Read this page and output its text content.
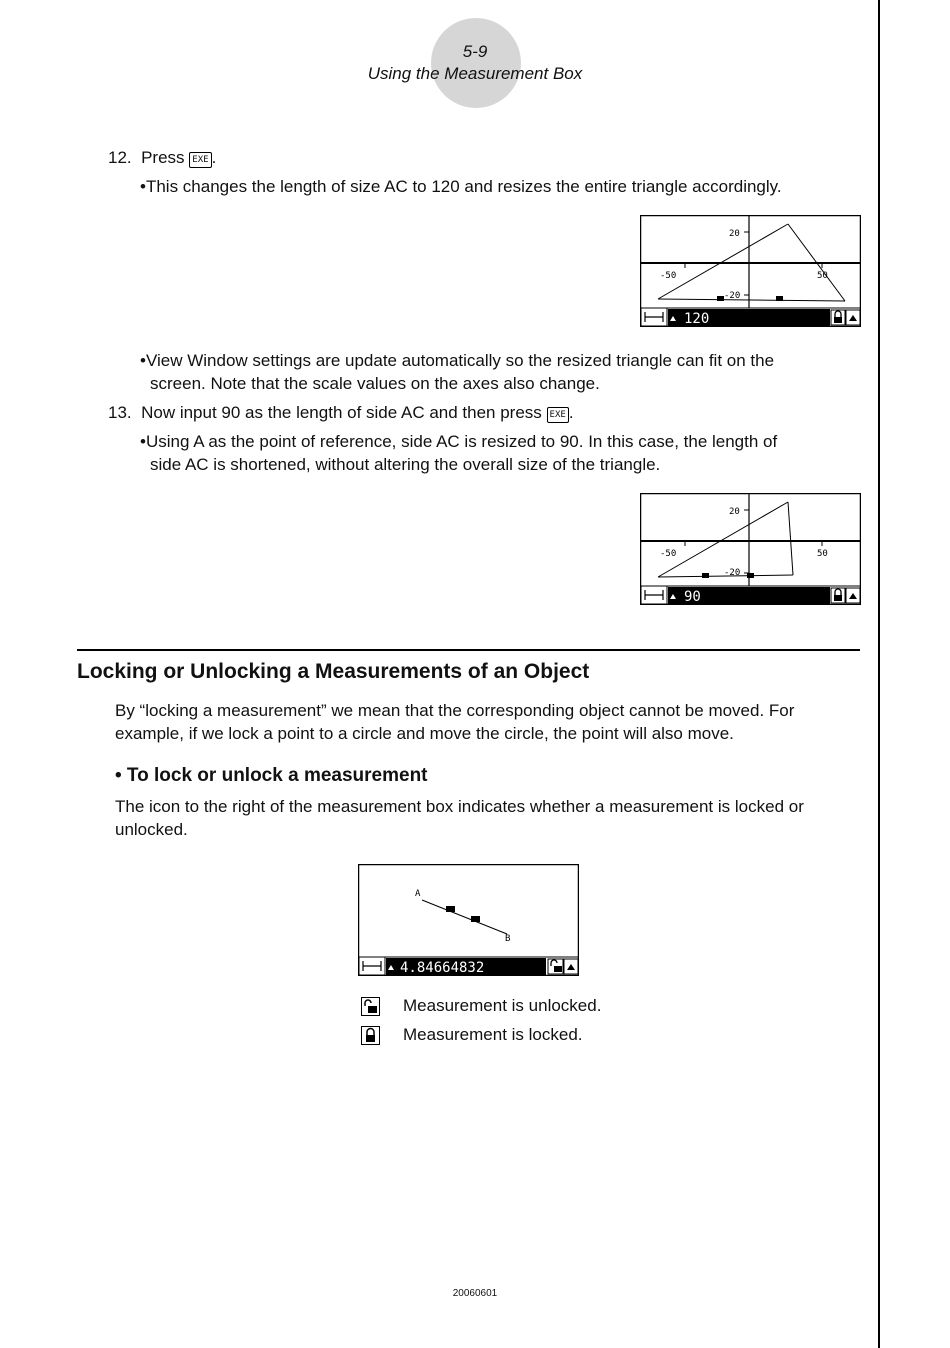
5-9
Using the Measurement Box
12. Press EXE .
•This changes the length of size AC to 120 and resizes the entire triangle accordingly.
20
-50	50
-20
120
•View Window settings are update automatically so the resized triangle can fit on the
screen. Note that the scale values on the axes also change.
13. Now input 90 as the length of side AC and then press EXE .
•Using A as the point of reference, side AC is resized to 90. In this case, the length of
side AC is shortened, without altering the overall size of the triangle.
20
-50	50
-20
90
Locking or Unlocking a Measurements of an Object
By “locking a measurement” we mean that the corresponding object cannot be moved. For
example, if we lock a point to a circle and move the circle, the point will also move.
• To lock or unlock a measurement
The icon to the right of the measurement box indicates whether a measurement is locked or
unlocked.
A
B
4.84664832
Measurement is unlocked.
Measurement is locked.
20060601
